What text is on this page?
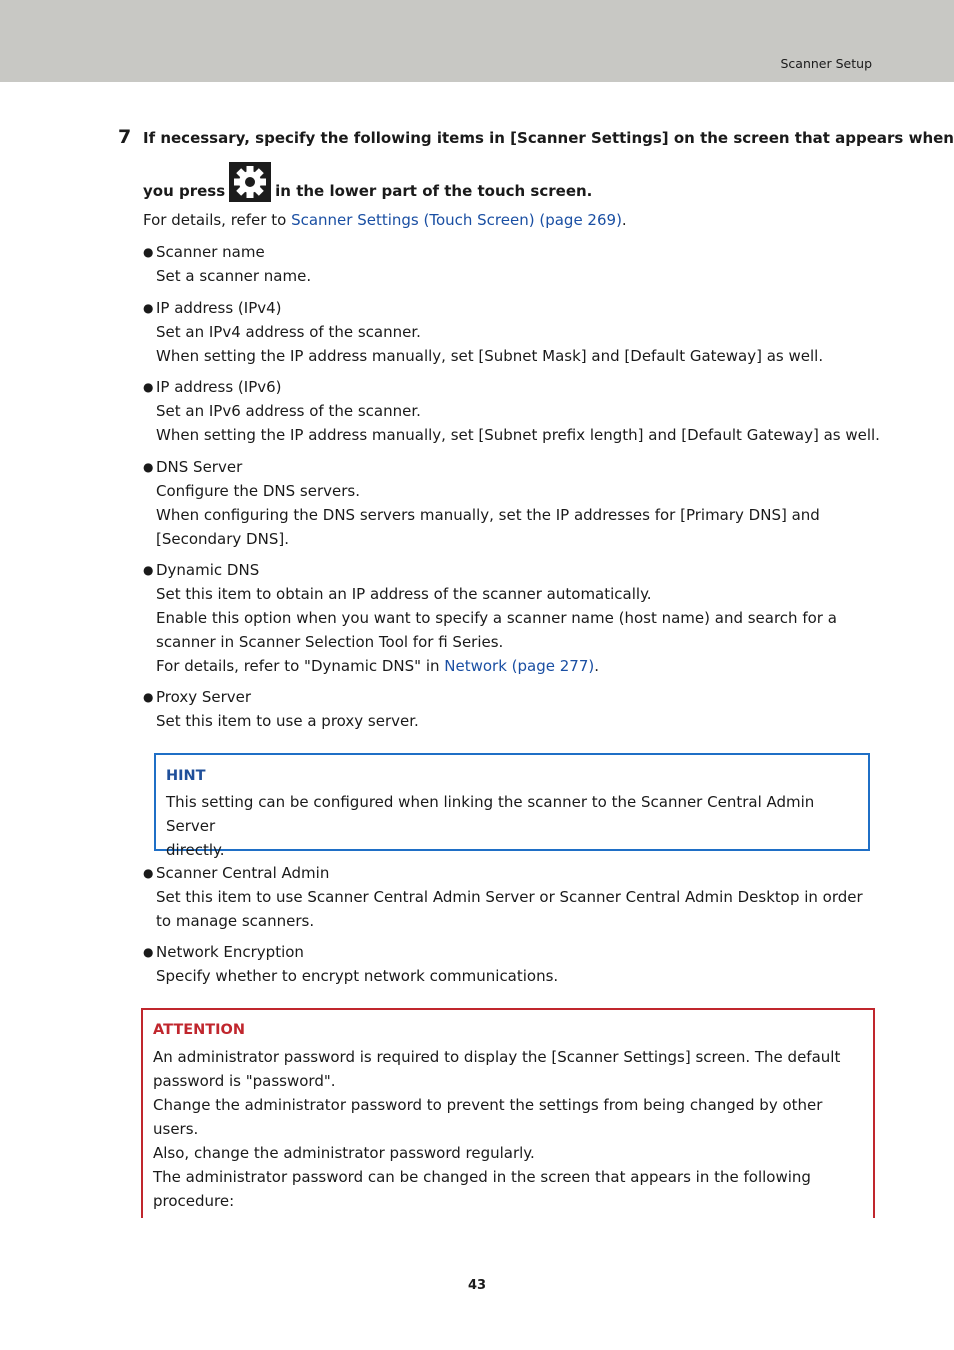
Scanner Setup
7 If necessary, specify the following items in [Scanner Settings] on the screen that appears when
you press	in the lower part of the touch screen.
For details, refer to Scanner Settings (Touch Screen) (page 269).
● Scanner name
Set a scanner name.
● IP address (IPv4)
Set an IPv4 address of the scanner.
When setting the IP address manually, set [Subnet Mask] and [Default Gateway] as well.
● IP address (IPv6)
Set an IPv6 address of the scanner.
When setting the IP address manually, set [Subnet prefix length] and [Default Gateway] as well.
● DNS Server
Configure the DNS servers.
When configuring the DNS servers manually, set the IP addresses for [Primary DNS] and
[Secondary DNS].
● Dynamic DNS
Set this item to obtain an IP address of the scanner automatically.
Enable this option when you want to specify a scanner name (host name) and search for a
scanner in Scanner Selection Tool for fi Series.
For details, refer to "Dynamic DNS" in Network (page 277).
● Proxy Server
Set this item to use a proxy server.
● Scanner Central Admin
Set this item to use Scanner Central Admin Server or Scanner Central Admin Desktop in order
to manage scanners.
● Network Encryption
Specify whether to encrypt network communications.
HINT
This setting can be configured when linking the scanner to the Scanner Central Admin Server
directly.
ATTENTION
An administrator password is required to display the [Scanner Settings] screen. The default
password is "password".
Change the administrator password to prevent the settings from being changed by other
users.
Also, change the administrator password regularly.
The administrator password can be changed in the screen that appears in the following
procedure:
43
